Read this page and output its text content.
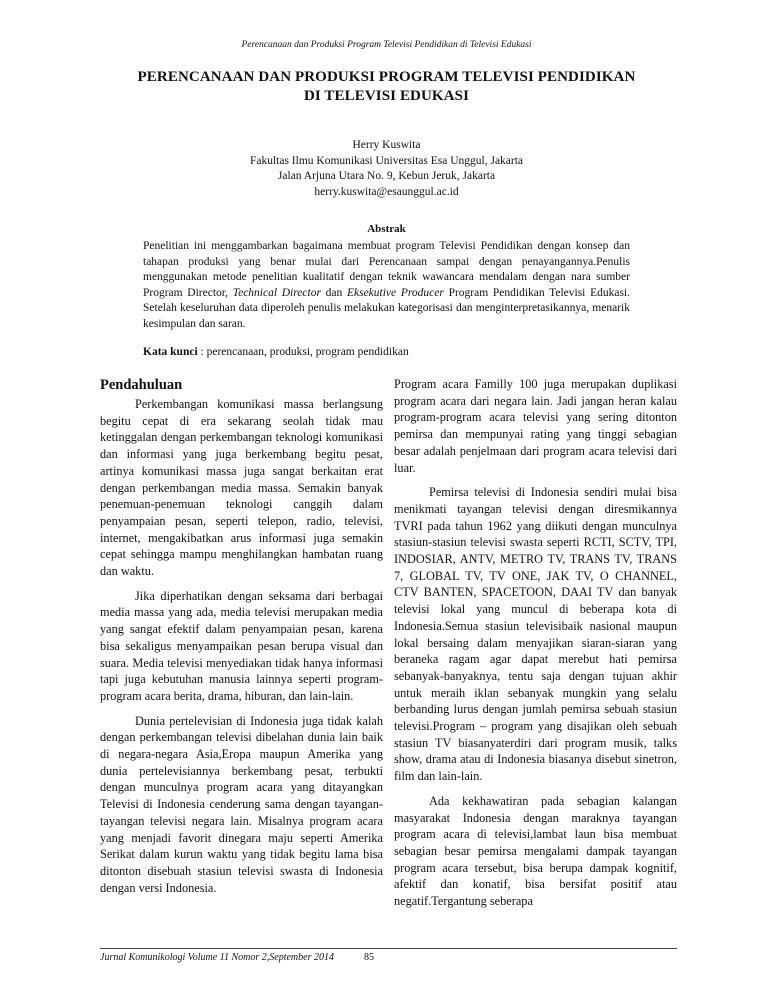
Perencanaan dan Produksi Program Televisi Pendidikan di Televisi Edukasi
PERENCANAAN DAN PRODUKSI PROGRAM TELEVISI PENDIDIKAN
DI TELEVISI EDUKASI
Herry Kuswita
Fakultas Ilmu Komunikasi Universitas Esa Unggul, Jakarta
Jalan Arjuna Utara No. 9, Kebun Jeruk, Jakarta
herry.kuswita@esaunggul.ac.id
Abstrak
Penelitian ini menggambarkan bagaimana membuat program Televisi Pendidikan dengan konsep dan tahapan produksi yang benar mulai dari Perencanaan sampai dengan penayangannya.Penulis menggunakan metode penelitian kualitatif dengan teknik wawancara mendalam dengan nara sumber Program Director, Technical Director dan Eksekutive Producer Program Pendidikan Televisi Edukasi. Setelah keseluruhan data diperoleh penulis melakukan kategorisasi dan menginterpretasikannya, menarik kesimpulan dan saran.
Kata kunci : perencanaan, produksi, program pendidikan
Pendahuluan

Perkembangan komunikasi massa berlangsung begitu cepat di era sekarang seolah tidak mau ketinggalan dengan perkembangan teknologi komunikasi dan informasi yang juga berkembang begitu pesat, artinya komunikasi massa juga sangat berkaitan erat dengan perkembangan media massa. Semakin banyak penemuan-penemuan teknologi canggih dalam penyampaian pesan, seperti telepon, radio, televisi, internet, mengakibatkan arus informasi juga semakin cepat sehingga mampu menghilangkan hambatan ruang dan waktu.

Jika diperhatikan dengan seksama dari berbagai media massa yang ada, media televisi merupakan media yang sangat efektif dalam penyampaian pesan, karena bisa sekaligus menyampaikan pesan berupa visual dan suara. Media televisi menyediakan tidak hanya informasi tapi juga kebutuhan manusia lainnya seperti program-program acara berita, drama, hiburan, dan lain-lain.

Dunia pertelevisian di Indonesia juga tidak kalah dengan perkembangan televisi dibelahan dunia lain baik di negara-negara Asia,Eropa maupun Amerika yang dunia pertelevisiannya berkembang pesat, terbukti dengan munculnya program acara yang ditayangkan Televisi di Indonesia cenderung sama dengan tayangan-tayangan televisi negara lain. Misalnya program acara yang menjadi favorit dinegara maju seperti Amerika Serikat dalam kurun waktu yang tidak begitu lama bisa ditonton disebuah stasiun televisi swasta di Indonesia dengan versi Indonesia.

Program acara Familly 100 juga merupakan duplikasi program acara dari negara lain. Jadi jangan heran kalau program-program acara televisi yang sering ditonton pemirsa dan mempunyai rating yang tinggi sebagian besar adalah penjelmaan dari program acara televisi dari luar.

Pemirsa televisi di Indonesia sendiri mulai bisa menikmati tayangan televisi dengan diresmikannya TVRI pada tahun 1962 yang diikuti dengan munculnya stasiun-stasiun televisi swasta seperti RCTI, SCTV, TPI, INDOSIAR, ANTV, METRO TV, TRANS TV, TRANS 7, GLOBAL TV, TV ONE, JAK TV, O CHANNEL, CTV BANTEN, SPACETOON, DAAI TV dan banyak televisi lokal yang muncul di beberapa kota di Indonesia.Semua stasiun televisibaik nasional maupun lokal bersaing dalam menyajikan siaran-siaran yang beraneka ragam agar dapat merebut hati pemirsa sebanyak-banyaknya, tentu saja dengan tujuan akhir untuk meraih iklan sebanyak mungkin yang selalu berbanding lurus dengan jumlah pemirsa sebuah stasiun televisi.Program – program yang disajikan oleh sebuah stasiun TV biasanyaterdiri dari program musik, talks show, drama atau di Indonesia biasanya disebut sinetron, film dan lain-lain.

Ada kekhawatiran pada sebagian kalangan masyarakat Indonesia dengan maraknya tayangan program acara di televisi,lambat laun bisa membuat sebagian besar pemirsa mengalami dampak tayangan program acara tersebut, bisa berupa dampak kognitif, afektif dan konatif, bisa bersifat positif atau negatif.Tergantung seberapa

Jurnal Komunikologi Volume 11 Nomor 2,September 2014	85
